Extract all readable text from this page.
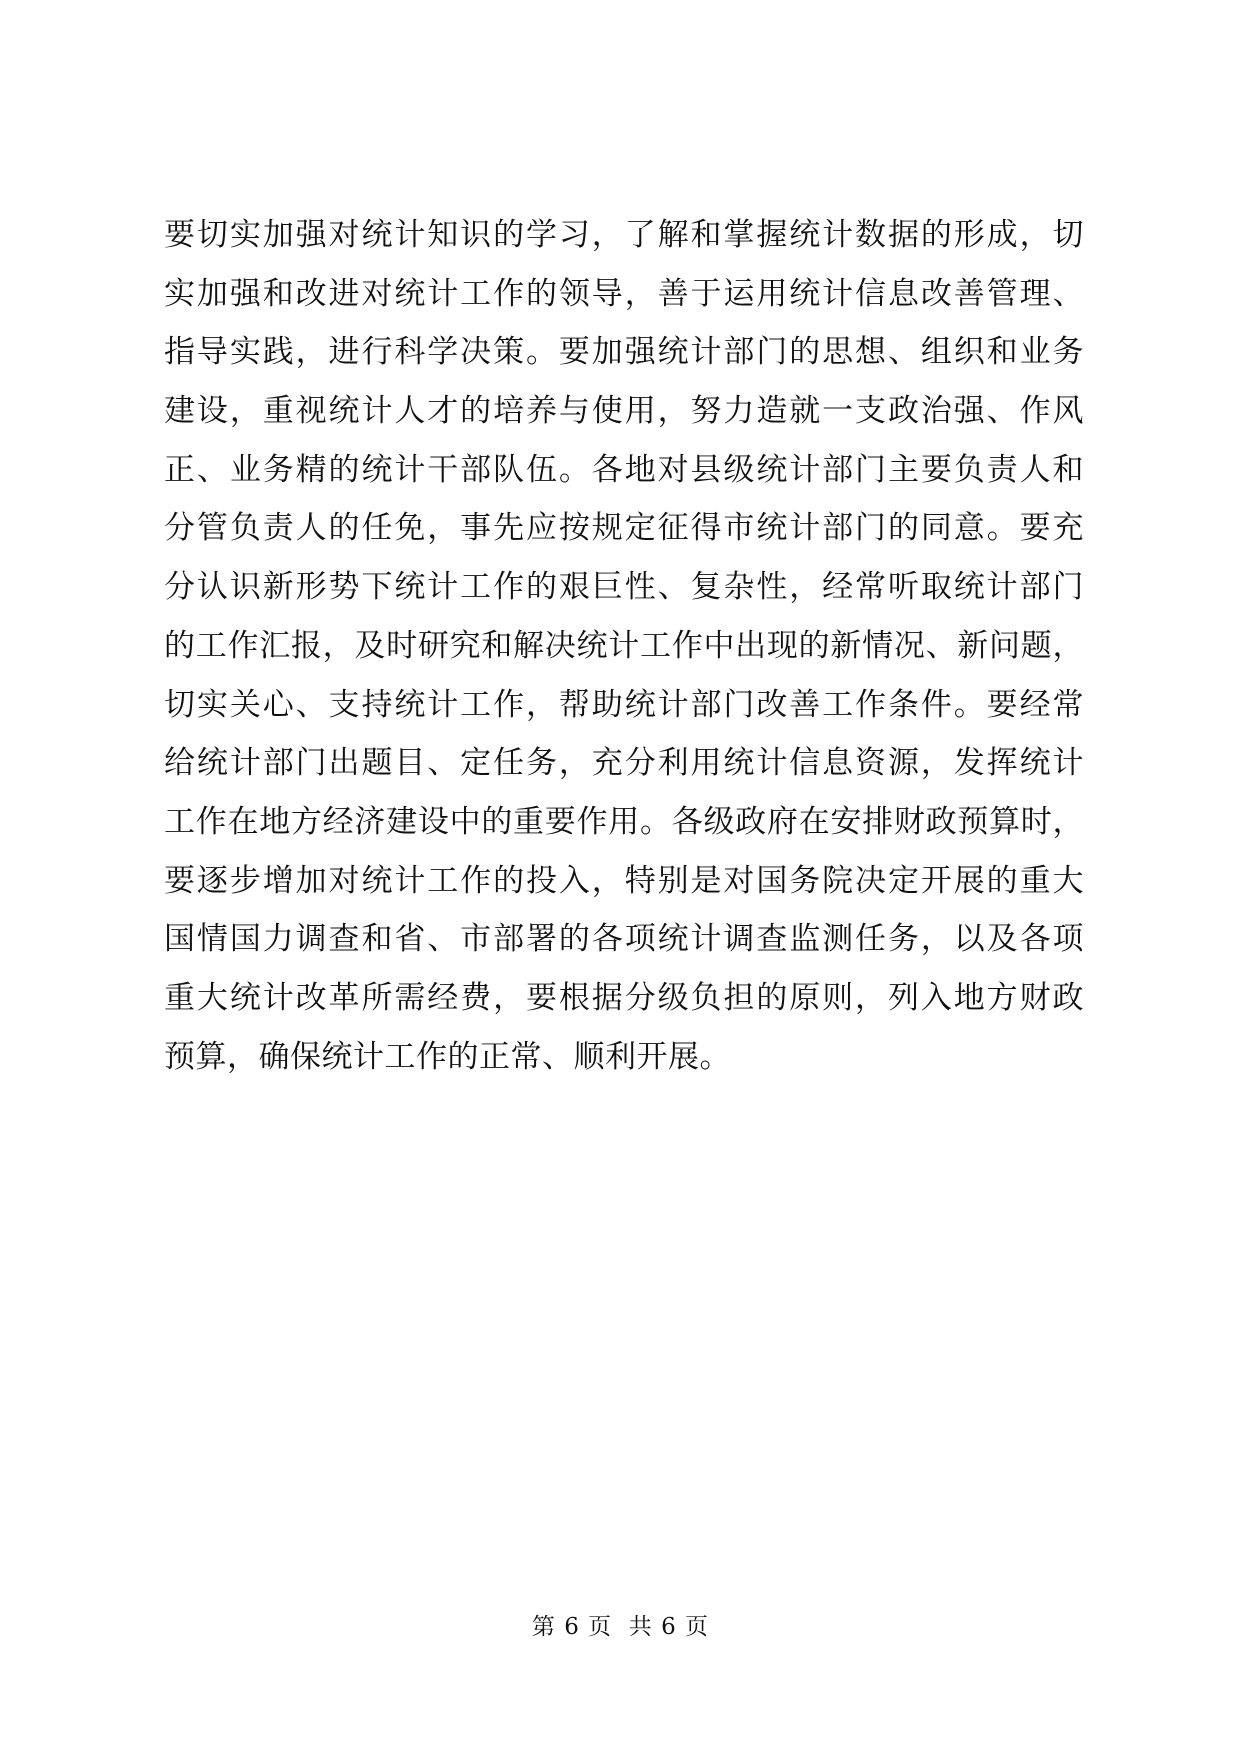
要切实加强对统计知识的学习，了解和掌握统计数据的形成，切
实加强和改进对统计工作的领导，善于运用统计信息改善管理、
指导实践，进行科学决策。要加强统计部门的思想、组织和业务
建设，重视统计人才的培养与使用，努力造就一支政治强、作风
正、业务精的统计干部队伍。各地对县级统计部门主要负责人和
分管负责人的任免，事先应按规定征得市统计部门的同意。要充
分认识新形势下统计工作的艰巨性、复杂性，经常听取统计部门
的工作汇报，及时研究和解决统计工作中出现的新情况、新问题，
切实关心、支持统计工作，帮助统计部门改善工作条件。要经常
给统计部门出题目、定任务，充分利用统计信息资源，发挥统计
工作在地方经济建设中的重要作用。各级政府在安排财政预算时，
要逐步增加对统计工作的投入，特别是对国务院决定开展的重大
国情国力调查和省、市部署的各项统计调查监测任务，以及各项
重大统计改革所需经费，要根据分级负担的原则，列入地方财政
预算，确保统计工作的正常、顺利开展。
第 6 页  共 6 页
